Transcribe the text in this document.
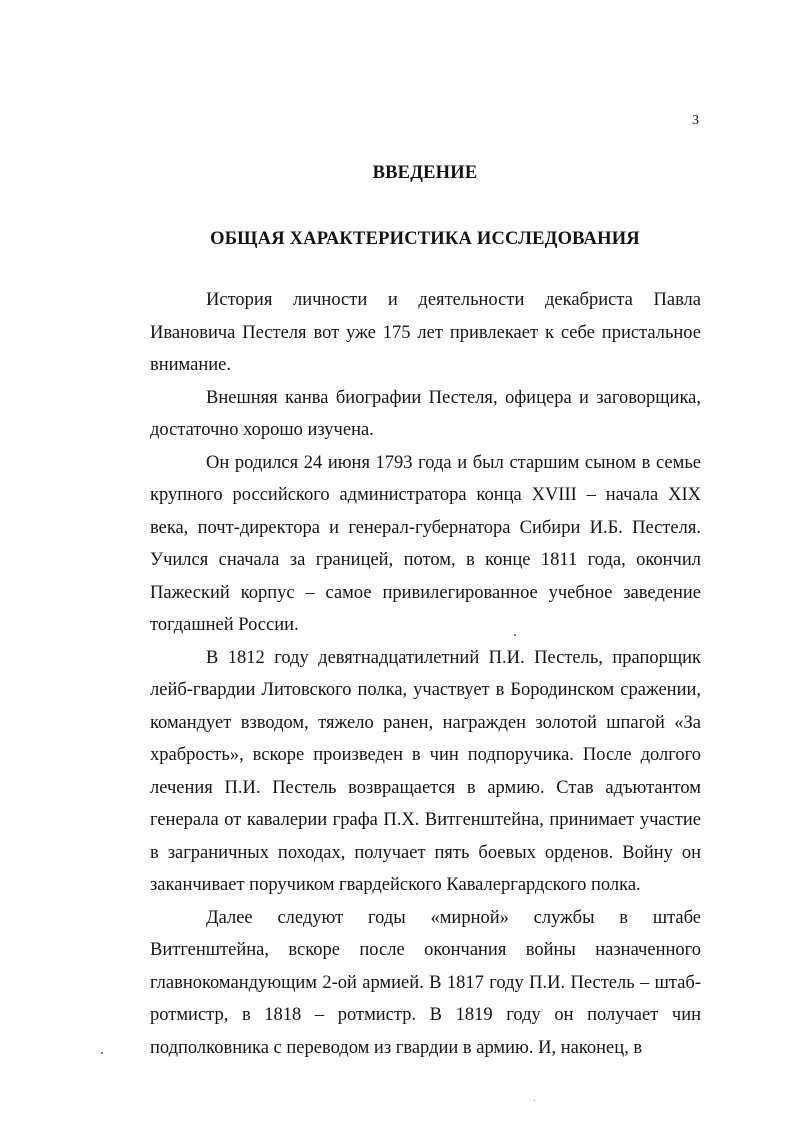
3
ВВЕДЕНИЕ
ОБЩАЯ ХАРАКТЕРИСТИКА ИССЛЕДОВАНИЯ

История личности и деятельности декабриста Павла Ивановича Пестеля вот уже 175 лет привлекает к себе пристальное внимание.

Внешняя канва биографии Пестеля, офицера и заговорщика, достаточно хорошо изучена.

Он родился 24 июня 1793 года и был старшим сыном в семье крупного российского администратора конца XVIII – начала XIX века, почт-директора и генерал-губернатора Сибири И.Б. Пестеля. Учился сначала за границей, потом, в конце 1811 года, окончил Пажеский корпус – самое привилегированное учебное заведение тогдашней России.

В 1812 году девятнадцатилетний П.И. Пестель, прапорщик лейб-гвардии Литовского полка, участвует в Бородинском сражении, командует взводом, тяжело ранен, награжден золотой шпагой «За храбрость», вскоре произведен в чин подпоручика. После долгого лечения П.И. Пестель возвращается в армию. Став адъютантом генерала от кавалерии графа П.Х. Витгенштейна, принимает участие в заграничных походах, получает пять боевых орденов. Войну он заканчивает поручиком гвардейского Кавалергардского полка.

Далее следуют годы «мирной» службы в штабе Витгенштейна, вскоре после окончания войны назначенного главнокомандующим 2-ой армией. В 1817 году П.И. Пестель – штаб-ротмистр, в 1818 – ротмистр. В 1819 году он получает чин подполковника с переводом из гвардии в армию. И, наконец, в
